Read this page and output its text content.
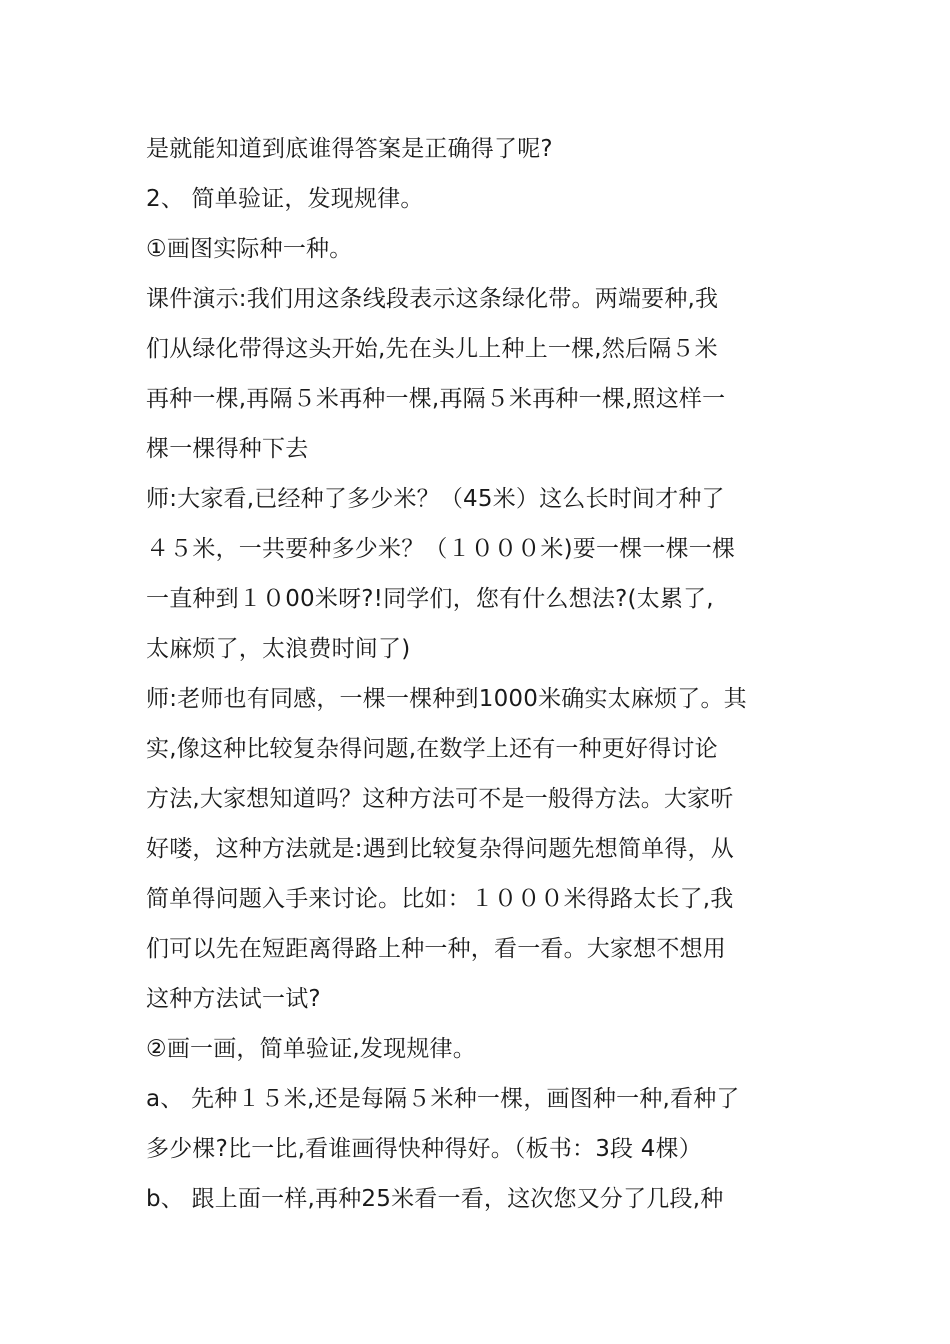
是就能知道到底谁得答案是正确得了呢?
2、 简单验证，发现规律。
①画图实际种一种。
课件演示:我们用这条线段表示这条绿化带。两端要种,我
们从绿化带得这头开始,先在头儿上种上一棵,然后隔５米
再种一棵,再隔５米再种一棵,再隔５米再种一棵,照这样一
棵一棵得种下去
师:大家看,已经种了多少米？（45米）这么长时间才种了
４５米，一共要种多少米？（１０００米)要一棵一棵一棵
一直种到１０00米呀?!同学们，您有什么想法?(太累了,
太麻烦了，太浪费时间了)
师:老师也有同感，一棵一棵种到1000米确实太麻烦了。其
实,像这种比较复杂得问题,在数学上还有一种更好得讨论
方法,大家想知道吗？这种方法可不是一般得方法。大家听
好喽，这种方法就是:遇到比较复杂得问题先想简单得，从
简单得问题入手来讨论。比如：１０００米得路太长了,我
们可以先在短距离得路上种一种，看一看。大家想不想用
这种方法试一试?
②画一画，简单验证,发现规律。
a、 先种１５米,还是每隔５米种一棵，画图种一种,看种了
多少棵?比一比,看谁画得快种得好。（板书：3段 4棵）
b、 跟上面一样,再种25米看一看，这次您又分了几段,种
